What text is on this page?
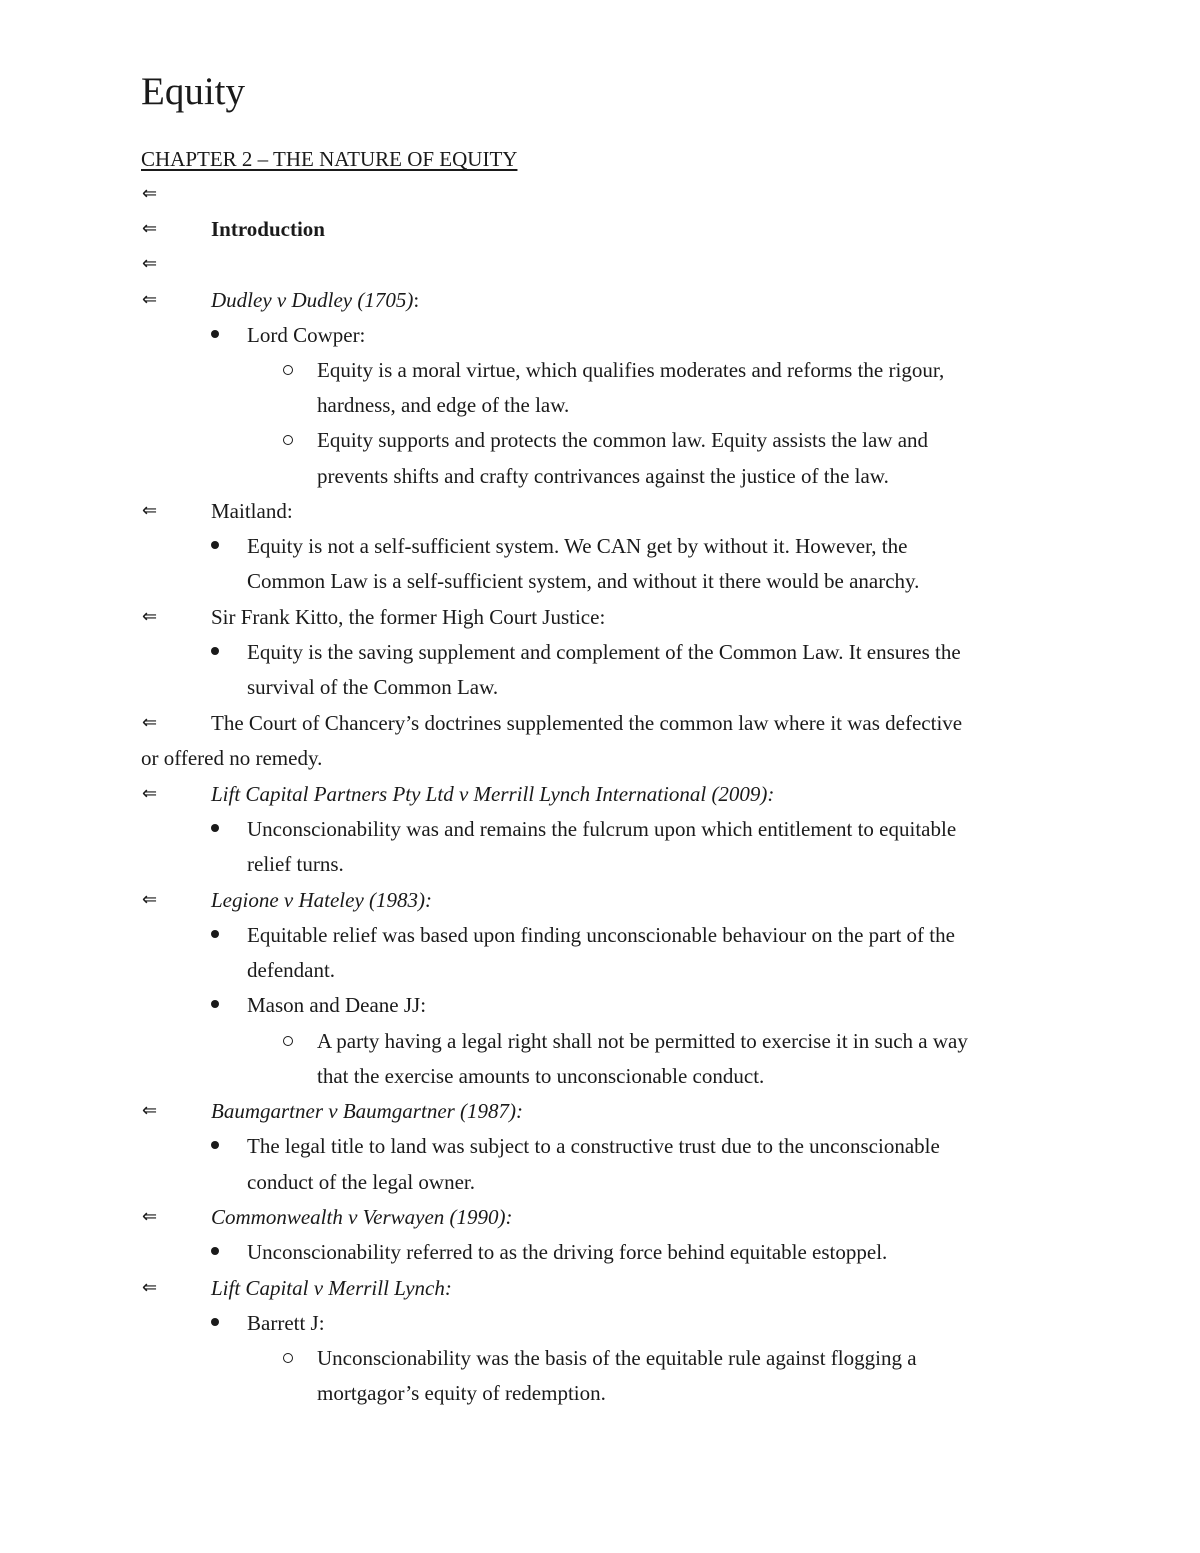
Equity
CHAPTER 2 – THE NATURE OF EQUITY
⇐
⇐	Introduction
⇐
⇐	Dudley v Dudley (1705):
Lord Cowper:
Equity is a moral virtue, which qualifies moderates and reforms the rigour,
hardness, and edge of the law.
Equity supports and protects the common law. Equity assists the law and
prevents shifts and crafty contrivances against the justice of the law.
⇐	Maitland:
Equity is not a self-sufficient system. We CAN get by without it. However, the
Common Law is a self-sufficient system, and without it there would be anarchy.
⇐	Sir Frank Kitto, the former High Court Justice:
Equity is the saving supplement and complement of the Common Law. It ensures the
survival of the Common Law.
⇐	The Court of Chancery’s doctrines supplemented the common law where it was defective
or offered no remedy.
⇐	Lift Capital Partners Pty Ltd v Merrill Lynch International (2009):
Unconscionability was and remains the fulcrum upon which entitlement to equitable
relief turns.
⇐	Legione v Hateley (1983):
Equitable relief was based upon finding unconscionable behaviour on the part of the
defendant.
Mason and Deane JJ:
A party having a legal right shall not be permitted to exercise it in such a way
that the exercise amounts to unconscionable conduct.
⇐	Baumgartner v Baumgartner (1987):
The legal title to land was subject to a constructive trust due to the unconscionable
conduct of the legal owner.
⇐	Commonwealth v Verwayen (1990):
Unconscionability referred to as the driving force behind equitable estoppel.
⇐	Lift Capital v Merrill Lynch:
Barrett J:
Unconscionability was the basis of the equitable rule against flogging a
mortgagor’s equity of redemption.
